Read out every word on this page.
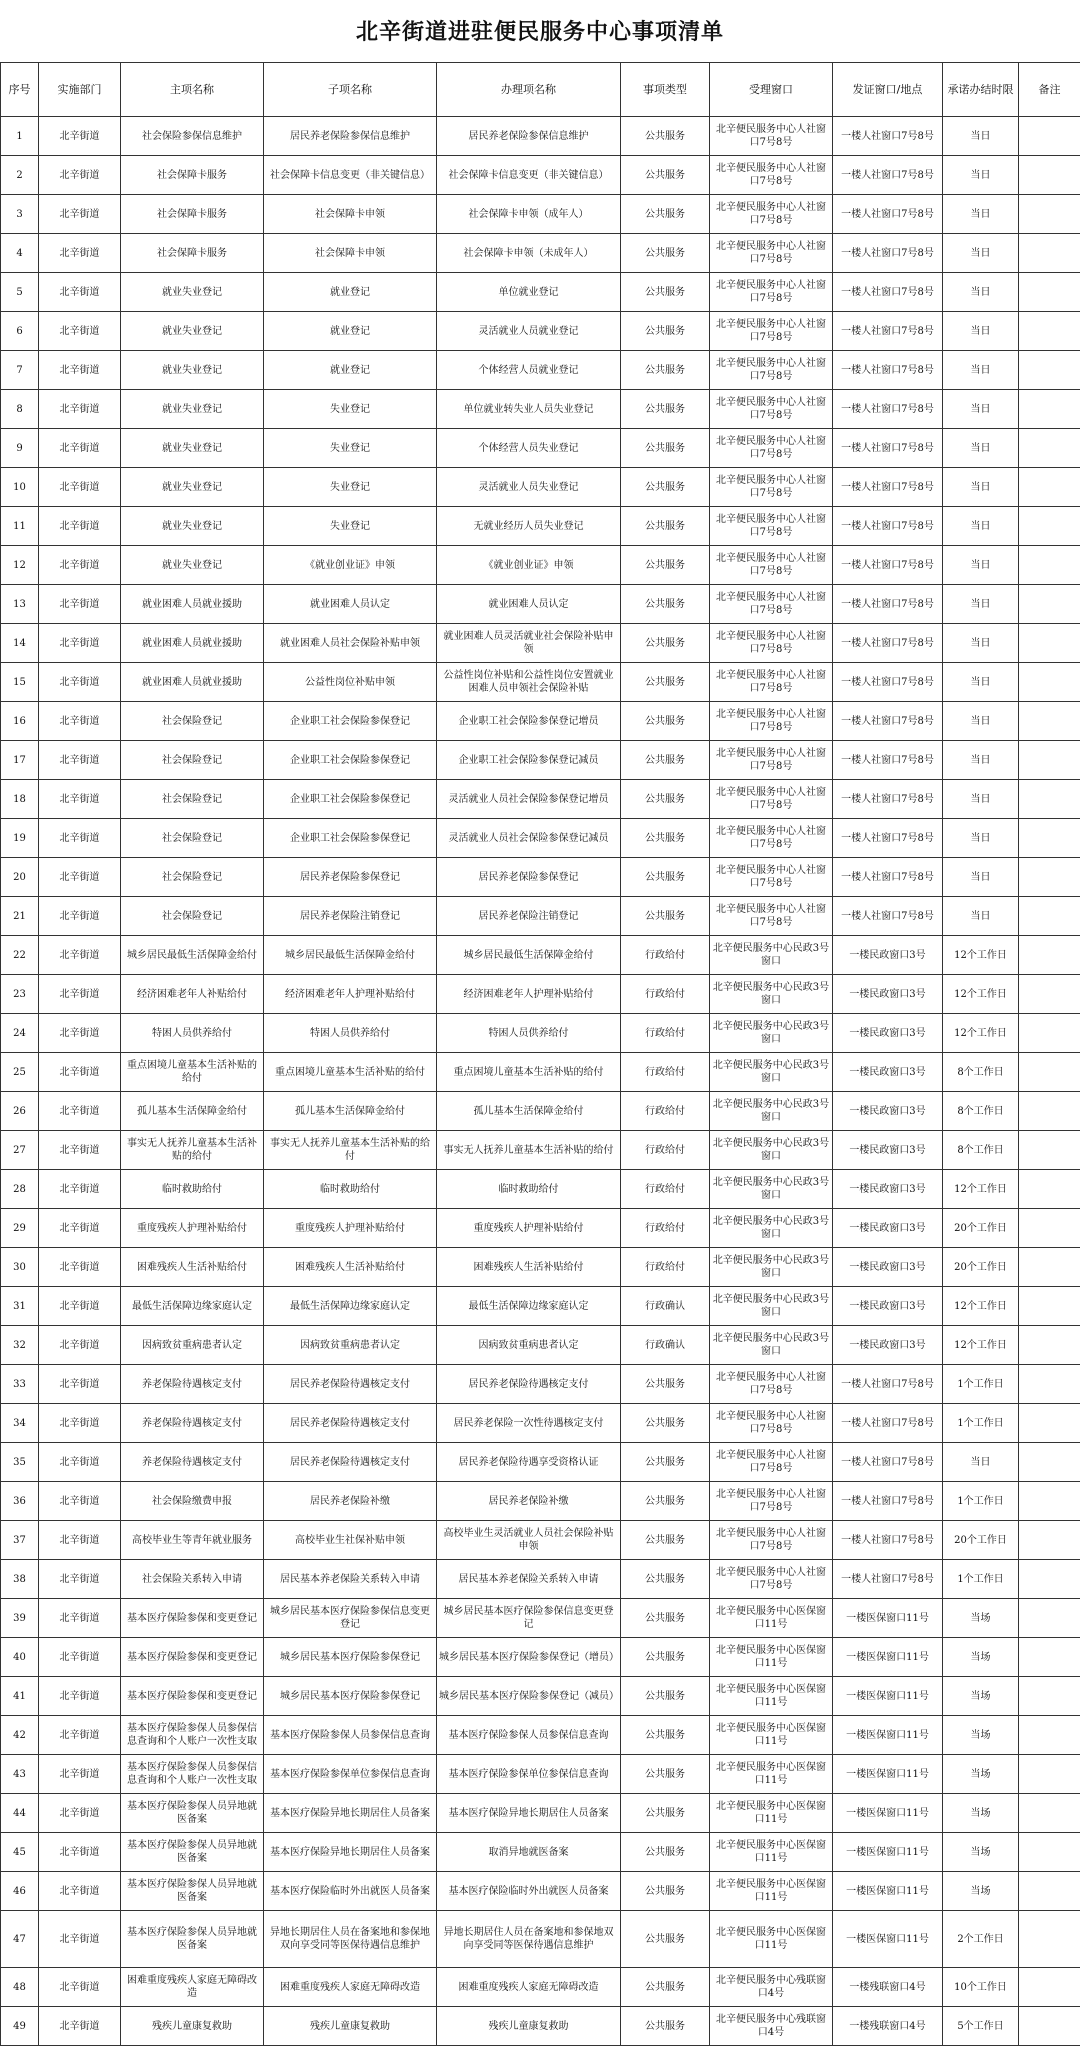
北辛街道进驻便民服务中心事项清单
序号	实施部门	主项名称	子项名称	办理项名称	事项类型	受理窗口	发证窗口/地点	承诺办结时限	备注
1	北辛街道	社会保险参保信息维护	居民养老保险参保信息维护	居民养老保险参保信息维护	公共服务	北辛便民服务中心人社窗口7号8号	一楼人社窗口7号8号	当日	
2	北辛街道	社会保障卡服务	社会保障卡信息变更（非关键信息）	社会保障卡信息变更（非关键信息）	公共服务	北辛便民服务中心人社窗口7号8号	一楼人社窗口7号8号	当日	
3	北辛街道	社会保障卡服务	社会保障卡申领	社会保障卡申领（成年人）	公共服务	北辛便民服务中心人社窗口7号8号	一楼人社窗口7号8号	当日	
4	北辛街道	社会保障卡服务	社会保障卡申领	社会保障卡申领（未成年人）	公共服务	北辛便民服务中心人社窗口7号8号	一楼人社窗口7号8号	当日	
5	北辛街道	就业失业登记	就业登记	单位就业登记	公共服务	北辛便民服务中心人社窗口7号8号	一楼人社窗口7号8号	当日	
6	北辛街道	就业失业登记	就业登记	灵活就业人员就业登记	公共服务	北辛便民服务中心人社窗口7号8号	一楼人社窗口7号8号	当日	
7	北辛街道	就业失业登记	就业登记	个体经营人员就业登记	公共服务	北辛便民服务中心人社窗口7号8号	一楼人社窗口7号8号	当日	
8	北辛街道	就业失业登记	失业登记	单位就业转失业人员失业登记	公共服务	北辛便民服务中心人社窗口7号8号	一楼人社窗口7号8号	当日	
9	北辛街道	就业失业登记	失业登记	个体经营人员失业登记	公共服务	北辛便民服务中心人社窗口7号8号	一楼人社窗口7号8号	当日	
10	北辛街道	就业失业登记	失业登记	灵活就业人员失业登记	公共服务	北辛便民服务中心人社窗口7号8号	一楼人社窗口7号8号	当日	
11	北辛街道	就业失业登记	失业登记	无就业经历人员失业登记	公共服务	北辛便民服务中心人社窗口7号8号	一楼人社窗口7号8号	当日	
12	北辛街道	就业失业登记	《就业创业证》申领	《就业创业证》申领	公共服务	北辛便民服务中心人社窗口7号8号	一楼人社窗口7号8号	当日	
13	北辛街道	就业困难人员就业援助	就业困难人员认定	就业困难人员认定	公共服务	北辛便民服务中心人社窗口7号8号	一楼人社窗口7号8号	当日	
14	北辛街道	就业困难人员就业援助	就业困难人员社会保险补贴申领	就业困难人员灵活就业社会保险补贴申领	公共服务	北辛便民服务中心人社窗口7号8号	一楼人社窗口7号8号	当日	
15	北辛街道	就业困难人员就业援助	公益性岗位补贴申领	公益性岗位补贴和公益性岗位安置就业困难人员申领社会保险补贴	公共服务	北辛便民服务中心人社窗口7号8号	一楼人社窗口7号8号	当日	
16	北辛街道	社会保险登记	企业职工社会保险参保登记	企业职工社会保险参保登记增员	公共服务	北辛便民服务中心人社窗口7号8号	一楼人社窗口7号8号	当日	
17	北辛街道	社会保险登记	企业职工社会保险参保登记	企业职工社会保险参保登记减员	公共服务	北辛便民服务中心人社窗口7号8号	一楼人社窗口7号8号	当日	
18	北辛街道	社会保险登记	企业职工社会保险参保登记	灵活就业人员社会保险参保登记增员	公共服务	北辛便民服务中心人社窗口7号8号	一楼人社窗口7号8号	当日	
19	北辛街道	社会保险登记	企业职工社会保险参保登记	灵活就业人员社会保险参保登记减员	公共服务	北辛便民服务中心人社窗口7号8号	一楼人社窗口7号8号	当日	
20	北辛街道	社会保险登记	居民养老保险参保登记	居民养老保险参保登记	公共服务	北辛便民服务中心人社窗口7号8号	一楼人社窗口7号8号	当日	
21	北辛街道	社会保险登记	居民养老保险注销登记	居民养老保险注销登记	公共服务	北辛便民服务中心人社窗口7号8号	一楼人社窗口7号8号	当日	
22	北辛街道	城乡居民最低生活保障金给付	城乡居民最低生活保障金给付	城乡居民最低生活保障金给付	行政给付	北辛便民服务中心民政3号窗口	一楼民政窗口3号	12个工作日	
23	北辛街道	经济困难老年人补贴给付	经济困难老年人护理补贴给付	经济困难老年人护理补贴给付	行政给付	北辛便民服务中心民政3号窗口	一楼民政窗口3号	12个工作日	
24	北辛街道	特困人员供养给付	特困人员供养给付	特困人员供养给付	行政给付	北辛便民服务中心民政3号窗口	一楼民政窗口3号	12个工作日	
25	北辛街道	重点困境儿童基本生活补贴的给付	重点困境儿童基本生活补贴的给付	重点困境儿童基本生活补贴的给付	行政给付	北辛便民服务中心民政3号窗口	一楼民政窗口3号	8个工作日	
26	北辛街道	孤儿基本生活保障金给付	孤儿基本生活保障金给付	孤儿基本生活保障金给付	行政给付	北辛便民服务中心民政3号窗口	一楼民政窗口3号	8个工作日	
27	北辛街道	事实无人抚养儿童基本生活补贴的给付	事实无人抚养儿童基本生活补贴的给付	事实无人抚养儿童基本生活补贴的给付	行政给付	北辛便民服务中心民政3号窗口	一楼民政窗口3号	8个工作日	
28	北辛街道	临时救助给付	临时救助给付	临时救助给付	行政给付	北辛便民服务中心民政3号窗口	一楼民政窗口3号	12个工作日	
29	北辛街道	重度残疾人护理补贴给付	重度残疾人护理补贴给付	重度残疾人护理补贴给付	行政给付	北辛便民服务中心民政3号窗口	一楼民政窗口3号	20个工作日	
30	北辛街道	困难残疾人生活补贴给付	困难残疾人生活补贴给付	困难残疾人生活补贴给付	行政给付	北辛便民服务中心民政3号窗口	一楼民政窗口3号	20个工作日	
31	北辛街道	最低生活保障边缘家庭认定	最低生活保障边缘家庭认定	最低生活保障边缘家庭认定	行政确认	北辛便民服务中心民政3号窗口	一楼民政窗口3号	12个工作日	
32	北辛街道	因病致贫重病患者认定	因病致贫重病患者认定	因病致贫重病患者认定	行政确认	北辛便民服务中心民政3号窗口	一楼民政窗口3号	12个工作日	
33	北辛街道	养老保险待遇核定支付	居民养老保险待遇核定支付	居民养老保险待遇核定支付	公共服务	北辛便民服务中心人社窗口7号8号	一楼人社窗口7号8号	1个工作日	
34	北辛街道	养老保险待遇核定支付	居民养老保险待遇核定支付	居民养老保险一次性待遇核定支付	公共服务	北辛便民服务中心人社窗口7号8号	一楼人社窗口7号8号	1个工作日	
35	北辛街道	养老保险待遇核定支付	居民养老保险待遇核定支付	居民养老保险待遇享受资格认证	公共服务	北辛便民服务中心人社窗口7号8号	一楼人社窗口7号8号	当日	
36	北辛街道	社会保险缴费申报	居民养老保险补缴	居民养老保险补缴	公共服务	北辛便民服务中心人社窗口7号8号	一楼人社窗口7号8号	1个工作日	
37	北辛街道	高校毕业生等青年就业服务	高校毕业生社保补贴申领	高校毕业生灵活就业人员社会保险补贴申领	公共服务	北辛便民服务中心人社窗口7号8号	一楼人社窗口7号8号	20个工作日	
38	北辛街道	社会保险关系转入申请	居民基本养老保险关系转入申请	居民基本养老保险关系转入申请	公共服务	北辛便民服务中心人社窗口7号8号	一楼人社窗口7号8号	1个工作日	
39	北辛街道	基本医疗保险参保和变更登记	城乡居民基本医疗保险参保信息变更登记	城乡居民基本医疗保险参保信息变更登记	公共服务	北辛便民服务中心医保窗口11号	一楼医保窗口11号	当场	
40	北辛街道	基本医疗保险参保和变更登记	城乡居民基本医疗保险参保登记	城乡居民基本医疗保险参保登记（增员）	公共服务	北辛便民服务中心医保窗口11号	一楼医保窗口11号	当场	
41	北辛街道	基本医疗保险参保和变更登记	城乡居民基本医疗保险参保登记	城乡居民基本医疗保险参保登记（减员）	公共服务	北辛便民服务中心医保窗口11号	一楼医保窗口11号	当场	
42	北辛街道	基本医疗保险参保人员参保信息查询和个人账户一次性支取	基本医疗保险参保人员参保信息查询	基本医疗保险参保人员参保信息查询	公共服务	北辛便民服务中心医保窗口11号	一楼医保窗口11号	当场	
43	北辛街道	基本医疗保险参保人员参保信息查询和个人账户一次性支取	基本医疗保险参保单位参保信息查询	基本医疗保险参保单位参保信息查询	公共服务	北辛便民服务中心医保窗口11号	一楼医保窗口11号	当场	
44	北辛街道	基本医疗保险参保人员异地就医备案	基本医疗保险异地长期居住人员备案	基本医疗保险异地长期居住人员备案	公共服务	北辛便民服务中心医保窗口11号	一楼医保窗口11号	当场	
45	北辛街道	基本医疗保险参保人员异地就医备案	基本医疗保险异地长期居住人员备案	取消异地就医备案	公共服务	北辛便民服务中心医保窗口11号	一楼医保窗口11号	当场	
46	北辛街道	基本医疗保险参保人员异地就医备案	基本医疗保险临时外出就医人员备案	基本医疗保险临时外出就医人员备案	公共服务	北辛便民服务中心医保窗口11号	一楼医保窗口11号	当场	
47	北辛街道	基本医疗保险参保人员异地就医备案	异地长期居住人员在备案地和参保地双向享受同等医保待遇信息维护	异地长期居住人员在备案地和参保地双向享受同等医保待遇信息维护	公共服务	北辛便民服务中心医保窗口11号	一楼医保窗口11号	2个工作日	
48	北辛街道	困难重度残疾人家庭无障碍改造	困难重度残疾人家庭无障碍改造	困难重度残疾人家庭无障碍改造	公共服务	北辛便民服务中心残联窗口4号	一楼残联窗口4号	10个工作日	
49	北辛街道	残疾儿童康复救助	残疾儿童康复救助	残疾儿童康复救助	公共服务	北辛便民服务中心残联窗口4号	一楼残联窗口4号	5个工作日	
